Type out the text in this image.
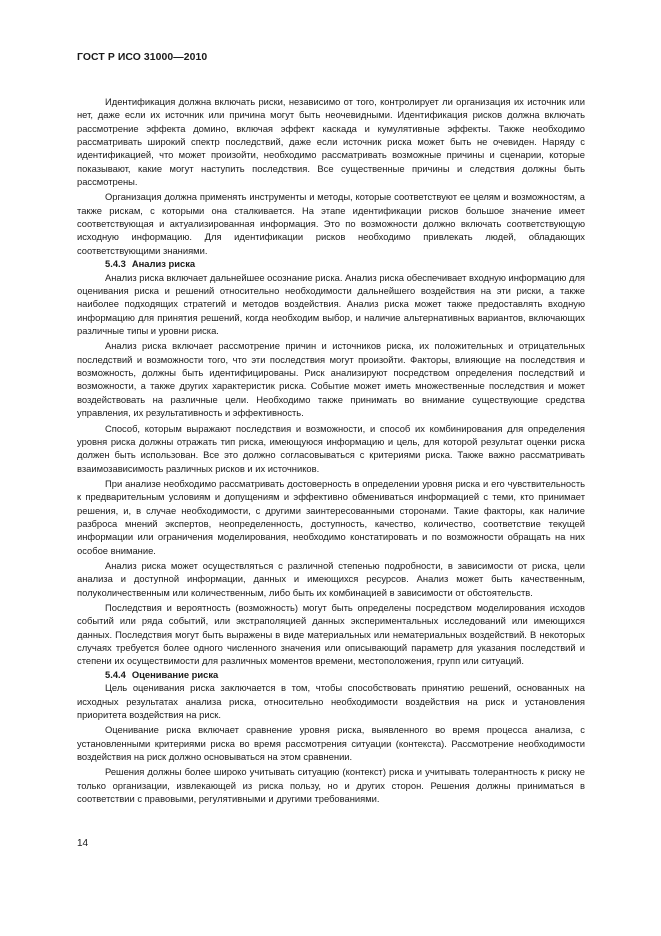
ГОСТ Р ИСО 31000—2010

Идентификация должна включать риски, независимо от того, контролирует ли организация их источник или нет, даже если их источник или причина могут быть неочевидными. Идентификация рисков должна включать рассмотрение эффекта домино, включая эффект каскада и кумулятивные эффекты. Также необходимо рассматривать широкий спектр последствий, даже если источник риска может быть не очевиден. Наряду с идентификацией, что может произойти, необходимо рассматривать возможные причины и сценарии, которые показывают, какие могут наступить последствия. Все существенные причины и следствия должны быть рассмотрены.

Организация должна применять инструменты и методы, которые соответствуют ее целям и возможностям, а также рискам, с которыми она сталкивается. На этапе идентификации рисков большое значение имеет соответствующая и актуализированная информация. Это по возможности должно включать соответствующую исходную информацию. Для идентификации рисков необходимо привлекать людей, обладающих соответствующими знаниями.

5.4.3 Анализ риска

Анализ риска включает дальнейшее осознание риска. Анализ риска обеспечивает входную информацию для оценивания риска и решений относительно необходимости дальнейшего воздействия на эти риски, а также наиболее подходящих стратегий и методов воздействия. Анализ риска может также предоставлять входную информацию для принятия решений, когда необходим выбор, и наличие альтернативных вариантов, включающих различные типы и уровни риска.

Анализ риска включает рассмотрение причин и источников риска, их положительных и отрицательных последствий и возможности того, что эти последствия могут произойти. Факторы, влияющие на последствия и возможность, должны быть идентифицированы. Риск анализируют посредством определения последствий и возможности, а также других характеристик риска. Событие может иметь множественные последствия и может воздействовать на различные цели. Необходимо также принимать во внимание существующие средства управления, их результативность и эффективность.

Способ, которым выражают последствия и возможности, и способ их комбинирования для определения уровня риска должны отражать тип риска, имеющуюся информацию и цель, для которой результат оценки риска должен быть использован. Все это должно согласовываться с критериями риска. Также важно рассматривать взаимозависимость различных рисков и их источников.

При анализе необходимо рассматривать достоверность в определении уровня риска и его чувствительность к предварительным условиям и допущениям и эффективно обмениваться информацией с теми, кто принимает решения, и, в случае необходимости, с другими заинтересованными сторонами. Такие факторы, как наличие разброса мнений экспертов, неопределенность, доступность, качество, количество, соответствие текущей информации или ограничения моделирования, необходимо констатировать и по возможности обращать на них особое внимание.

Анализ риска может осуществляться с различной степенью подробности, в зависимости от риска, цели анализа и доступной информации, данных и имеющихся ресурсов. Анализ может быть качественным, полуколичественным или количественным, либо быть их комбинацией в зависимости от обстоятельств.

Последствия и вероятность (возможность) могут быть определены посредством моделирования исходов событий или ряда событий, или экстраполяцией данных экспериментальных исследований или имеющихся данных. Последствия могут быть выражены в виде материальных или нематериальных воздействий. В некоторых случаях требуется более одного численного значения или описывающий параметр для указания последствий и степени их осуществимости для различных моментов времени, местоположения, групп или ситуаций.

5.4.4 Оценивание риска

Цель оценивания риска заключается в том, чтобы способствовать принятию решений, основанных на исходных результатах анализа риска, относительно необходимости воздействия на риск и установления приоритета воздействия на риск.

Оценивание риска включает сравнение уровня риска, выявленного во время процесса анализа, с установленными критериями риска во время рассмотрения ситуации (контекста). Рассмотрение необходимости воздействия на риск должно основываться на этом сравнении.

Решения должны более широко учитывать ситуацию (контекст) риска и учитывать толерантность к риску не только организации, извлекающей из риска пользу, но и других сторон. Решения должны приниматься в соответствии с правовыми, регулятивными и другими требованиями.

14
